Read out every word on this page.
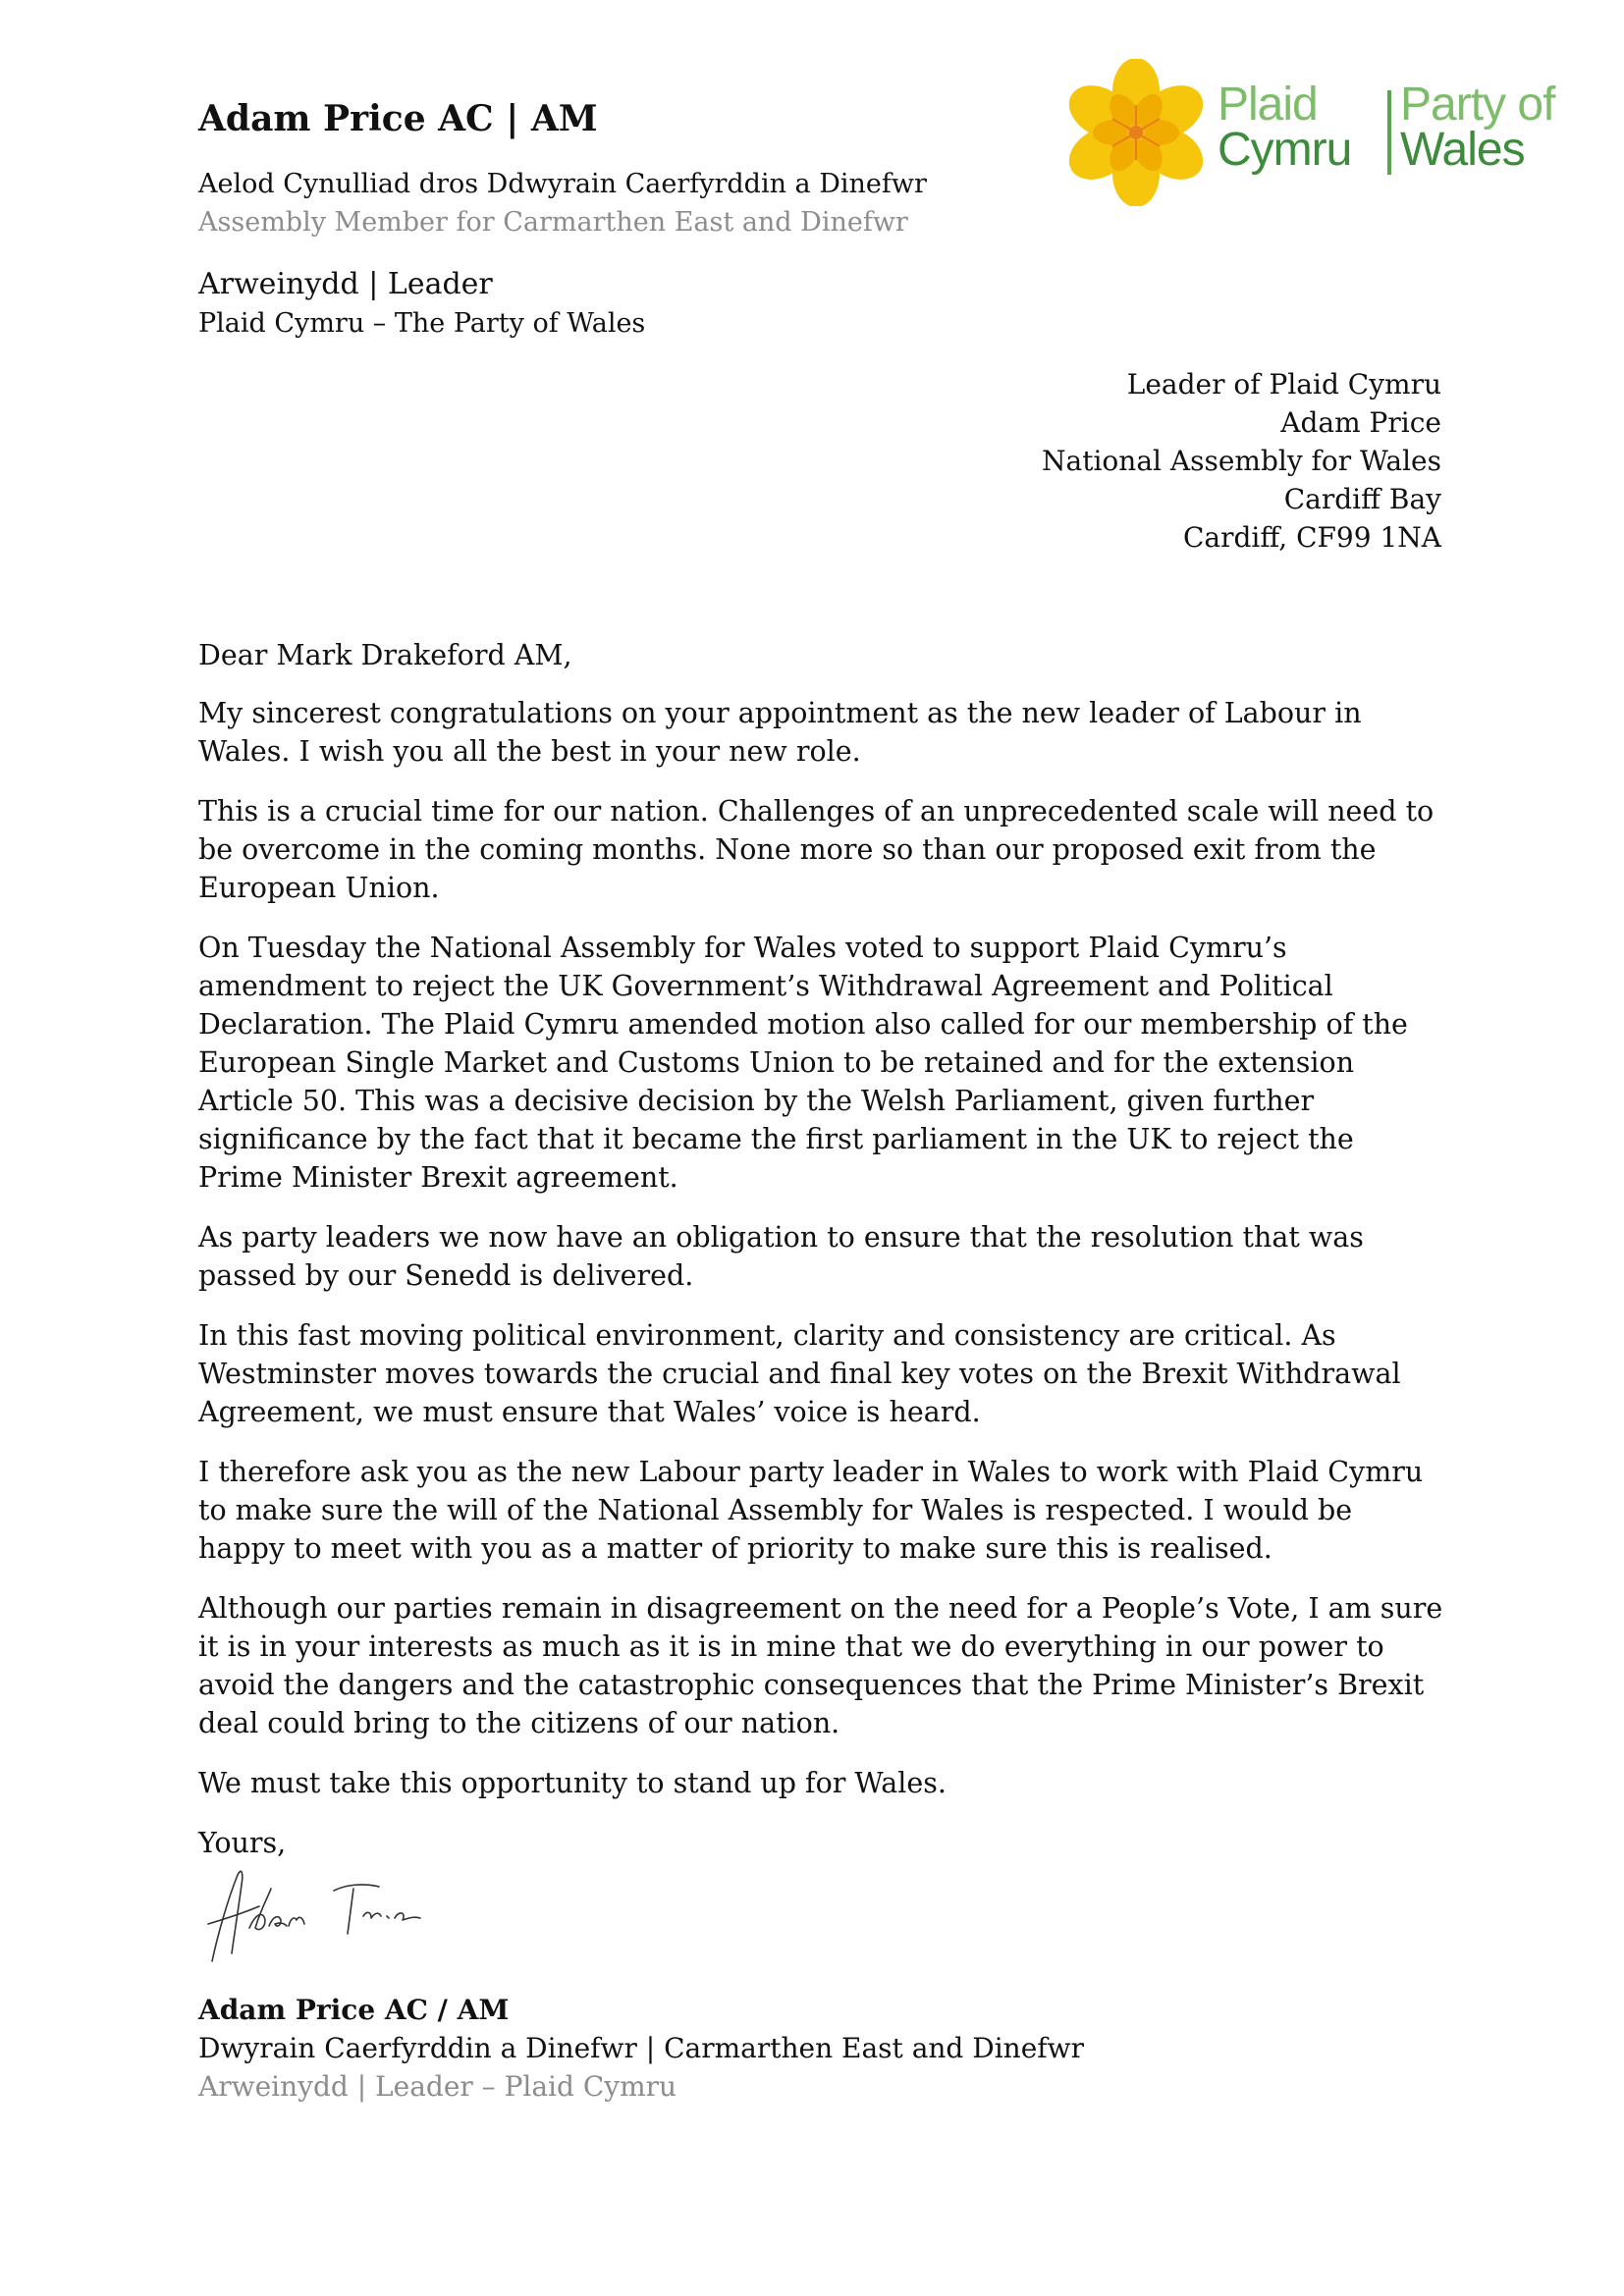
Adam Price AC | AM
Aelod Cynulliad dros Ddwyrain Caerfyrddin a Dinefwr
Assembly Member for Carmarthen East and Dinefwr
Arweinydd | Leader
Plaid Cymru – The Party of Wales
Plaid
Cymru
Party of
Wales
Leader of Plaid Cymru
Adam Price
National Assembly for Wales
Cardiff Bay
Cardiff, CF99 1NA

Dear Mark Drakeford AM,

My sincerest congratulations on your appointment as the new leader of Labour in Wales. I wish you all the best in your new role.

This is a crucial time for our nation. Challenges of an unprecedented scale will need to be overcome in the coming months. None more so than our proposed exit from the European Union.

On Tuesday the National Assembly for Wales voted to support Plaid Cymru’s amendment to reject the UK Government’s Withdrawal Agreement and Political Declaration. The Plaid Cymru amended motion also called for our membership of the European Single Market and Customs Union to be retained and for the extension Article 50. This was a decisive decision by the Welsh Parliament, given further significance by the fact that it became the first parliament in the UK to reject the Prime Minister Brexit agreement.

As party leaders we now have an obligation to ensure that the resolution that was passed by our Senedd is delivered.

In this fast moving political environment, clarity and consistency are critical. As Westminster moves towards the crucial and final key votes on the Brexit Withdrawal Agreement, we must ensure that Wales’ voice is heard.

I therefore ask you as the new Labour party leader in Wales to work with Plaid Cymru to make sure the will of the National Assembly for Wales is respected. I would be happy to meet with you as a matter of priority to make sure this is realised.

Although our parties remain in disagreement on the need for a People’s Vote, I am sure it is in your interests as much as it is in mine that we do everything in our power to avoid the dangers and the catastrophic consequences that the Prime Minister’s Brexit deal could bring to the citizens of our nation.

We must take this opportunity to stand up for Wales.

Yours,

Adam Price AC / AM
Dwyrain Caerfyrddin a Dinefwr | Carmarthen East and Dinefwr
Arweinydd | Leader – Plaid Cymru
